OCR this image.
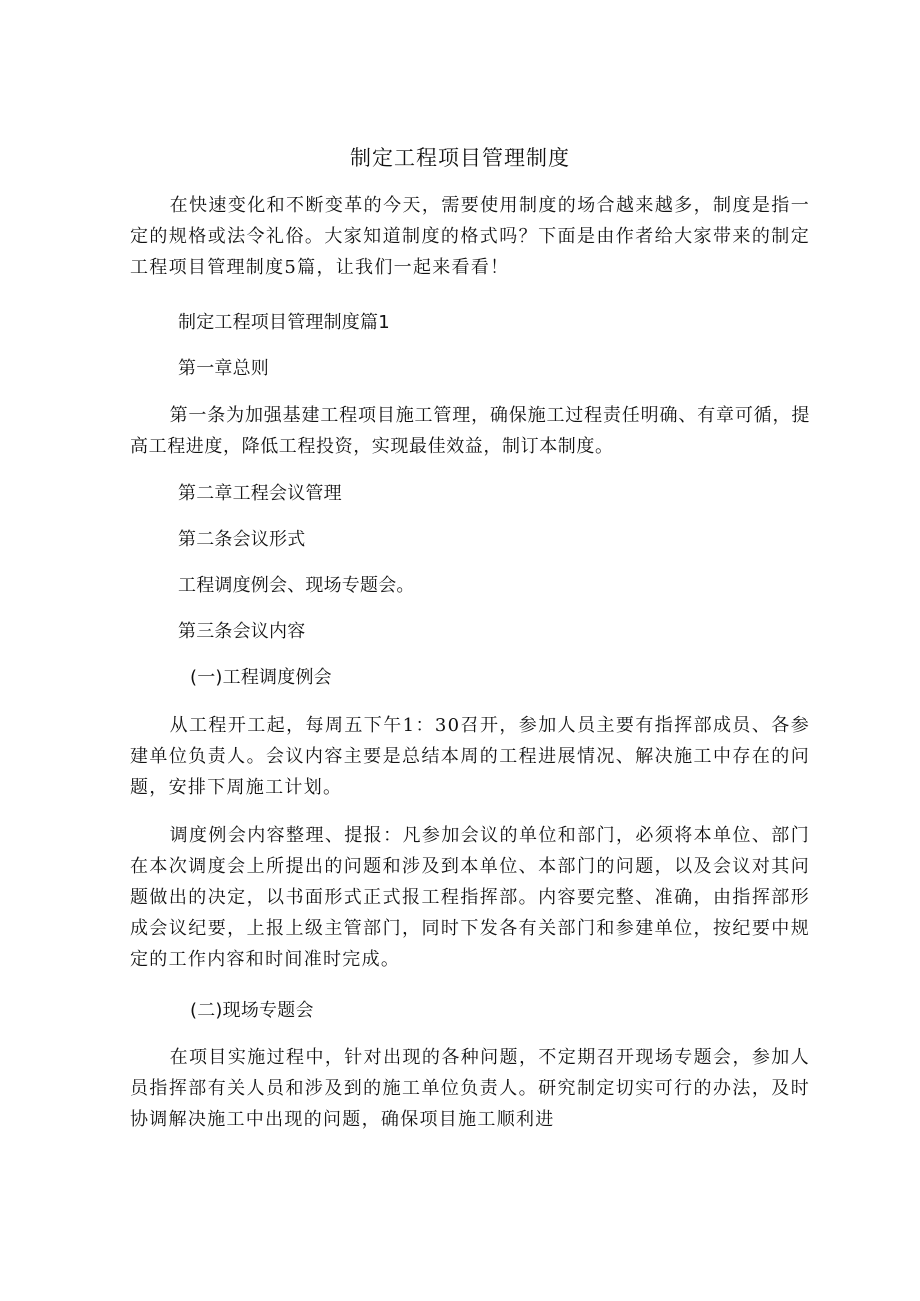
制定工程项目管理制度

在快速变化和不断变革的今天，需要使用制度的场合越来越多，制度是指一定的规格或法令礼俗。大家知道制度的格式吗？下面是由作者给大家带来的制定工程项目管理制度5篇，让我们一起来看看！

制定工程项目管理制度篇1
第一章总则

第一条为加强基建工程项目施工管理，确保施工过程责任明确、有章可循，提高工程进度，降低工程投资，实现最佳效益，制订本制度。

第二章工程会议管理
第二条会议形式

工程调度例会、现场专题会。

第三条会议内容
(一)工程调度例会

从工程开工起，每周五下午1：30召开，参加人员主要有指挥部成员、各参建单位负责人。会议内容主要是总结本周的工程进展情况、解决施工中存在的问题，安排下周施工计划。

调度例会内容整理、提报：凡参加会议的单位和部门，必须将本单位、部门在本次调度会上所提出的问题和涉及到本单位、本部门的问题，以及会议对其问题做出的决定，以书面形式正式报工程指挥部。内容要完整、准确，由指挥部形成会议纪要，上报上级主管部门，同时下发各有关部门和参建单位，按纪要中规定的工作内容和时间准时完成。

(二)现场专题会

在项目实施过程中，针对出现的各种问题，不定期召开现场专题会，参加人员指挥部有关人员和涉及到的施工单位负责人。研究制定切实可行的办法，及时协调解决施工中出现的问题，确保项目施工顺利进
